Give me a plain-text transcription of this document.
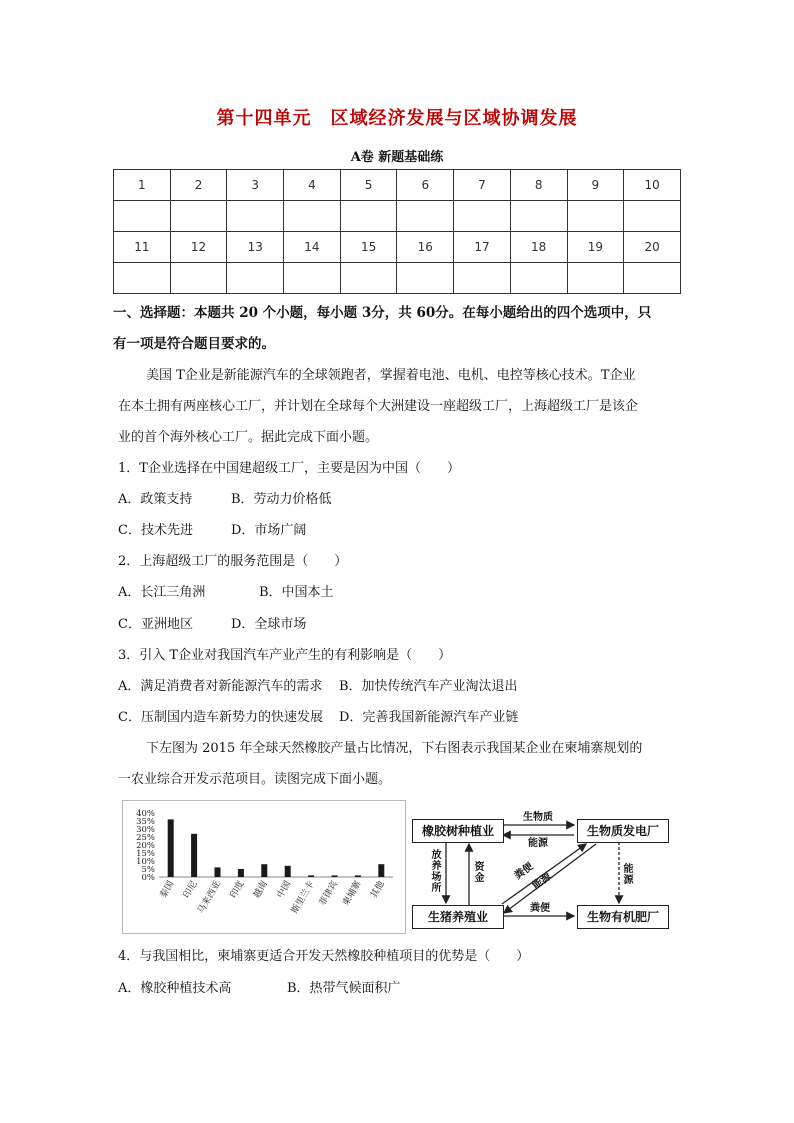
第十四单元　区域经济发展与区域协调发展
A卷 新题基础练
1	2	3	4	5	6	7	8	9	10

11	12	13	14	15	16	17	18	19	20

一、选择题：本题共 20 个小题，每小题 3分，共 60分。在每小题给出的四个选项中，只
有一项是符合题目要求的。
美国 T企业是新能源汽车的全球领跑者，掌握着电池、电机、电控等核心技术。T企业
在本土拥有两座核心工厂，并计划在全球每个大洲建设一座超级工厂，上海超级工厂是该企
业的首个海外核心工厂。据此完成下面小题。
1．T企业选择在中国建超级工厂，主要是因为中国（　　）
A．政策支持	B．劳动力价格低
C．技术先进	D．市场广阔
2．上海超级工厂的服务范围是（　　）
A．长江三角洲	B．中国本土
C．亚洲地区	D．全球市场
3．引入 T企业对我国汽车产业产生的有利影响是（　　）
A．满足消费者对新能源汽车的需求 B．加快传统汽车产业淘汰退出
C．压制国内造车新势力的快速发展 D．完善我国新能源汽车产业链
下左图为 2015 年全球天然橡胶产量占比情况，下右图表示我国某企业在柬埔寨规划的
一农业综合开发示范项目。读图完成下面小题。
0%
5%
10%
15%
20%
25%
30%
35%
40%
泰国 印尼
马来西亚 印度 越南 中国
斯里兰卡 菲律宾 柬埔寨 其他
橡胶树种植业	生物质发电厂
生猪养殖业	生物有机肥厂
生物质
能源
放养场所
资金	粪便
能源
能源
粪便
4．与我国相比，柬埔寨更适合开发天然橡胶种植项目的优势是（　　）
A．橡胶种植技术高	B．热带气候面积广
